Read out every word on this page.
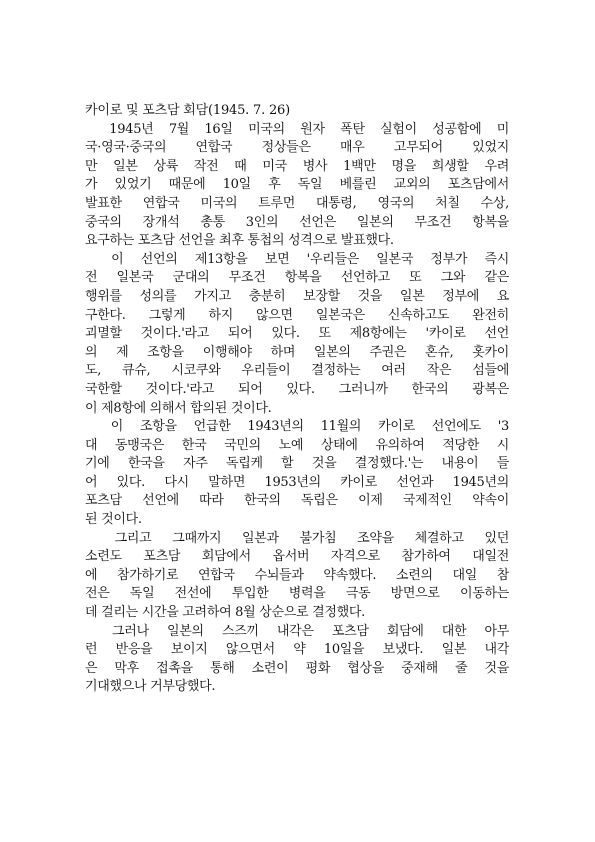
카이로 및 포츠담 회담(1945. 7. 26)
　1945년 7월 16일 미국의 원자 폭탄 실험이 성공함에 미
국·영국·중국의 연합국 정상들은 매우 고무되어 있었지
만 일본 상륙 작전 때 미국 병사 1백만 명을 희생할 우려
가 있었기 때문에 10일 후 독일 베를린 교외의 포츠담에서
발표한 연합국 미국의 트루먼 대통령, 영국의 처칠 수상,
중국의 장개석 총통 3인의 선언은 일본의 무조건 항복을
요구하는 포츠담 선언을 최후 통첩의 성격으로 발표했다.
　이 선언의 제13항을 보면 '우리들은 일본국 정부가 즉시
전 일본국 군대의 무조건 항복을 선언하고 또 그와 같은
행위를 성의를 가지고 충분히 보장할 것을 일본 정부에 요
구한다. 그렇게 하지 않으면 일본국은 신속하고도 완전히
괴멸할 것이다.'라고 되어 있다. 또 제8항에는 '카이로 선언
의 제 조항을 이행해야 하며 일본의 주권은 혼슈, 홋카이
도, 큐슈, 시코쿠와 우리들이 결정하는 여러 작은 섬들에
국한할 것이다.'라고 되어 있다. 그러니까 한국의 광복은
이 제8항에 의해서 합의된 것이다.
　이 조항을 언급한 1943년의 11월의 카이로 선언에도 '3
대 동맹국은 한국 국민의 노예 상태에 유의하여 적당한 시
기에 한국을 자주 독립케 할 것을 결정했다.'는 내용이 들
어 있다. 다시 말하면 1953년의 카이로 선언과 1945년의
포츠담 선언에 따라 한국의 독립은 이제 국제적인 약속이
된 것이다.
　그리고 그때까지 일본과 불가침 조약을 체결하고 있던
소련도 포츠담 회담에서 옵서버 자격으로 참가하여 대일전
에 참가하기로 연합국 수뇌들과 약속했다. 소련의 대일 참
전은 독일 전선에 투입한 병력을 극동 방면으로 이동하는
데 걸리는 시간을 고려하여 8월 상순으로 결정했다.
　그러나 일본의 스즈끼 내각은 포츠담 회담에 대한 아무
런 반응을 보이지 않으면서 약 10일을 보냈다. 일본 내각
은 막후 접촉을 통해 소련이 평화 협상을 중재해 줄 것을
기대했으나 거부당했다.
